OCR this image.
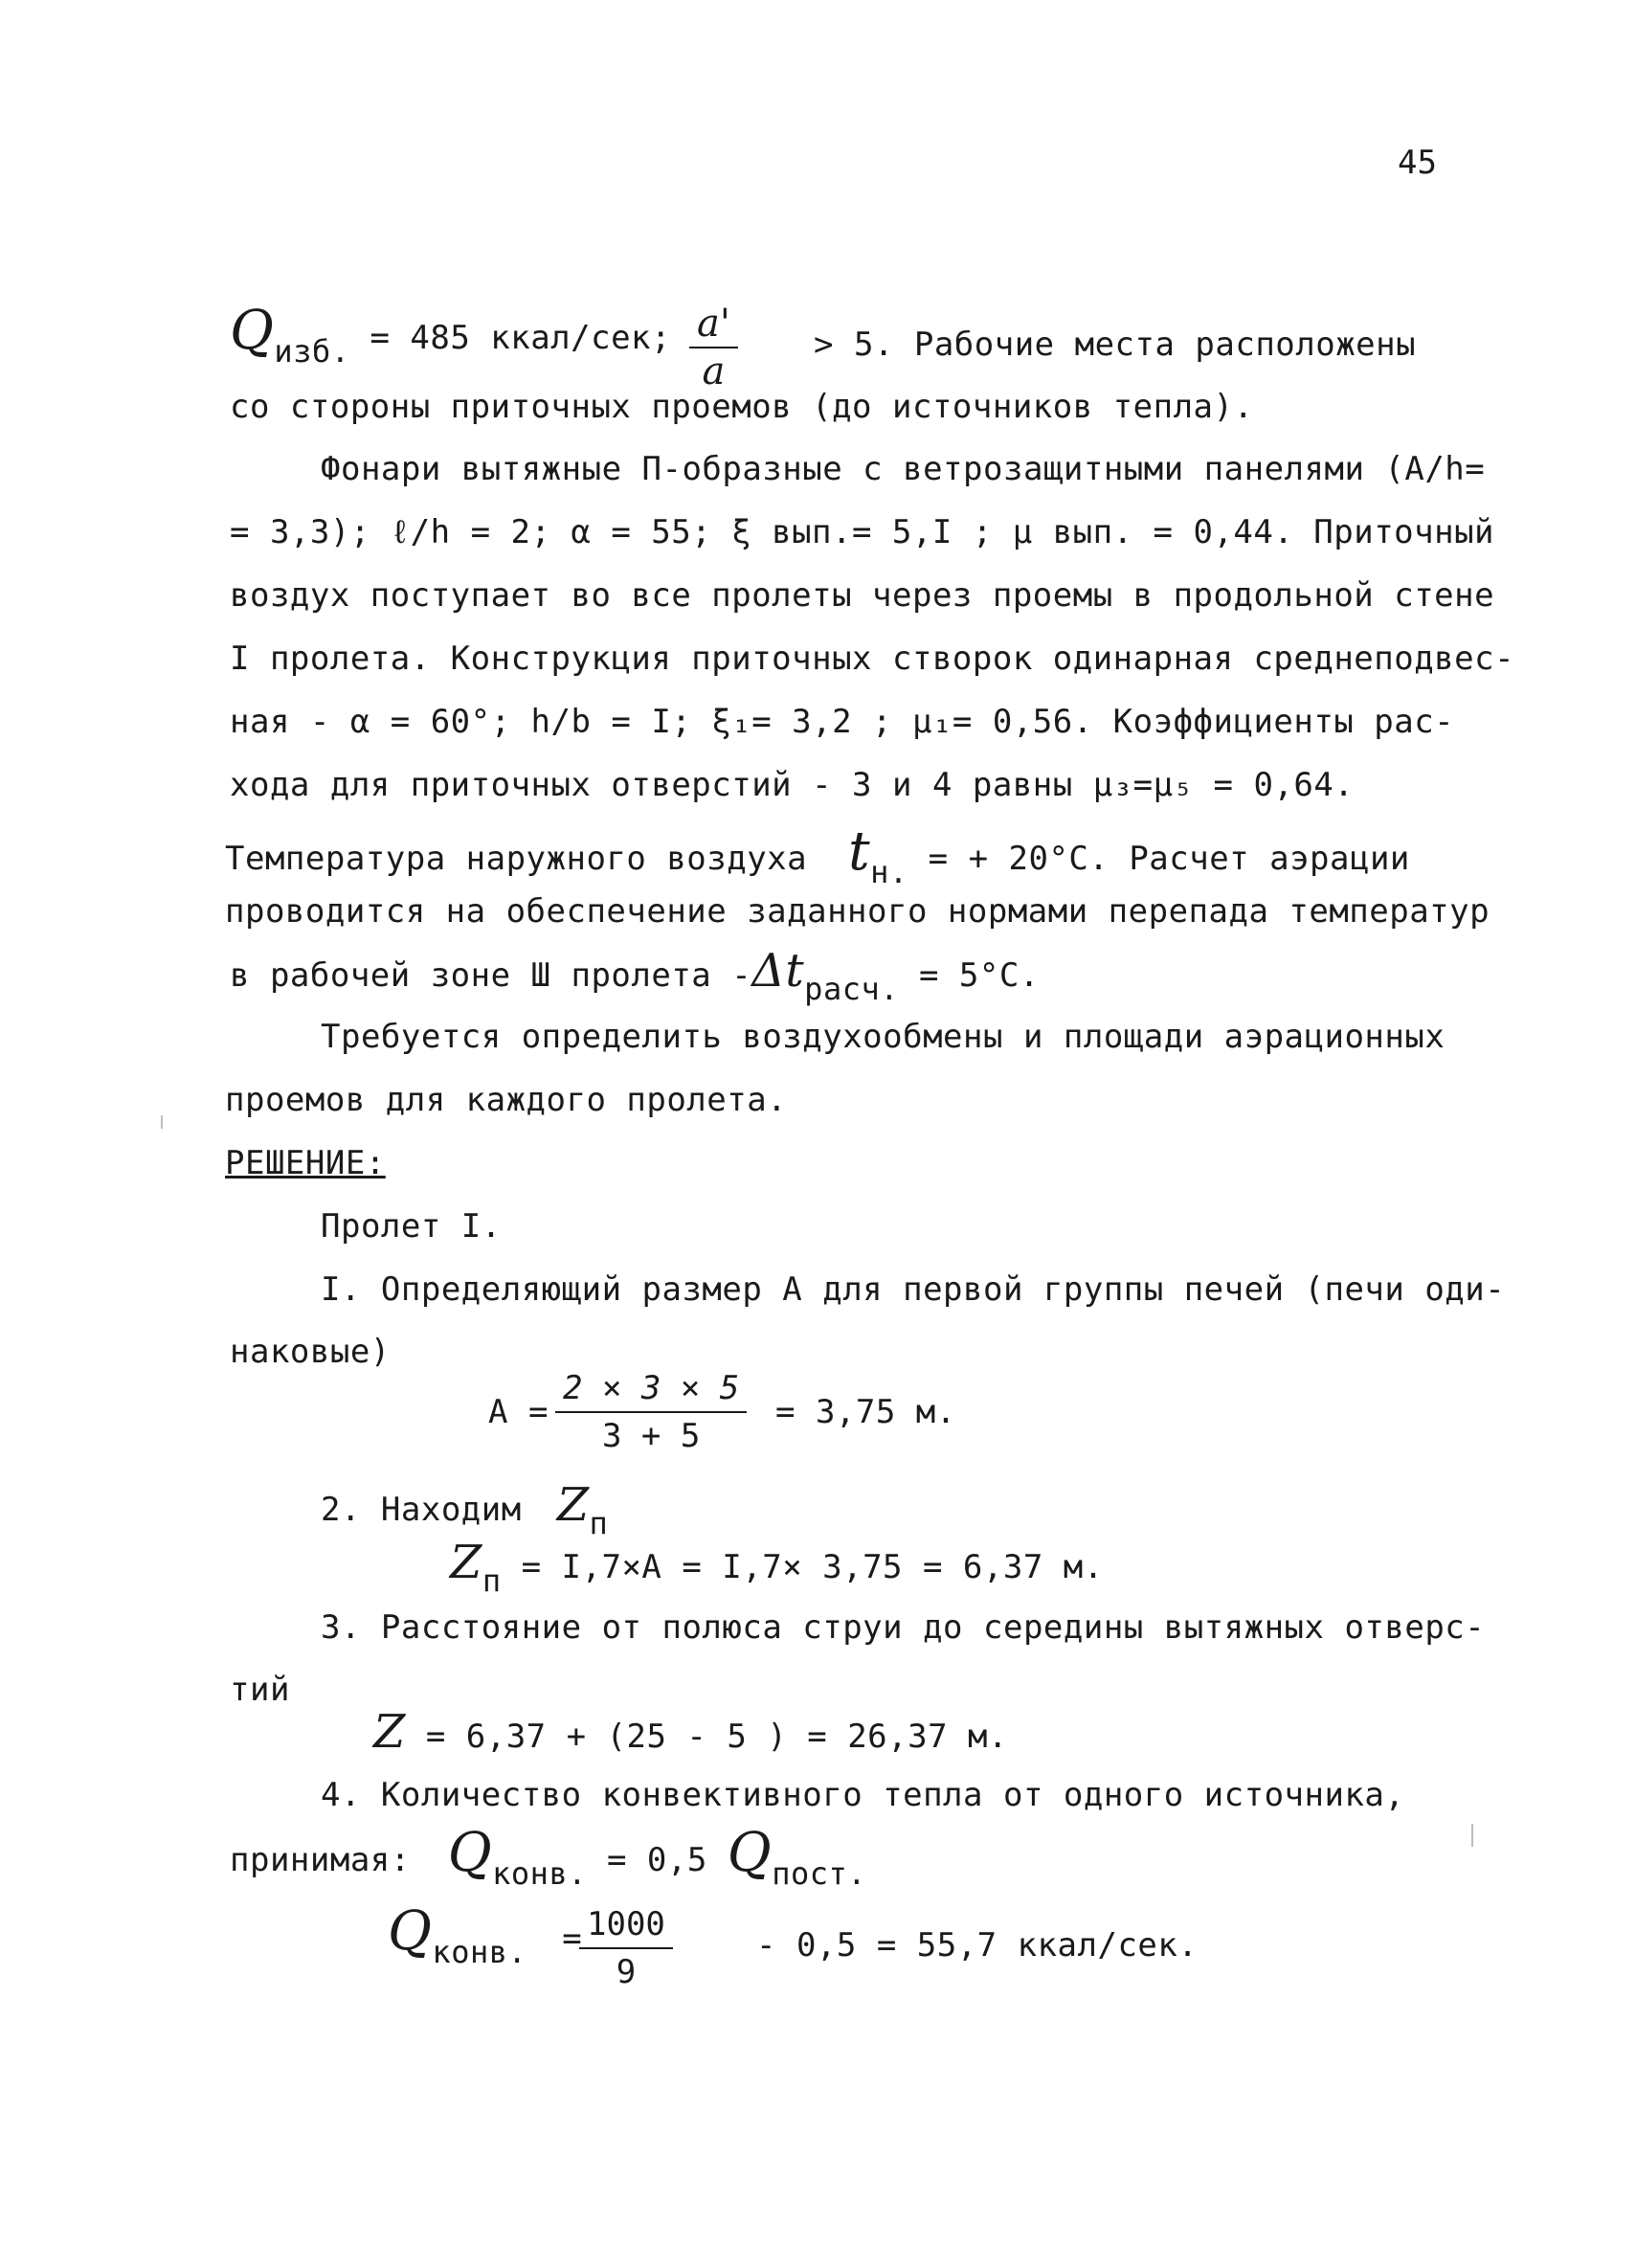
45
Qизб. = 485 ккал/сек; $\frac{a'}{a} > 5$. Рабочие места расположены
со стороны приточных проемов (до источников тепла).
Фонари вытяжные П-образные с ветрозащитными панелями (A/h=
= 3,3); ℓ/h = 2; α = 55; ξ вып.= 5,I ; μ вып. = 0,44. Приточный
воздух поступает во все пролеты через проемы в продольной стене
I пролета. Конструкция приточных створок одинарная среднеподвес-
ная - α = 60°; h/b = I; ξ₁= 3,2 ; μ₁= 0,56. Коэффициенты рас-
хода для приточных отверстий - 3 и 4 равны μ₃=μ₅ = 0,64.
Температура наружного воздуха tн. = + 20°С. Расчет аэрации
проводится на обеспечение заданного нормами перепада температур
в рабочей зоне Ш пролета -Δtрасч. = 5°С.
Требуется определить воздухообмены и площади аэрационных
проемов для каждого пролета.
РЕШЕНИЕ:
Пролет I.
I. Определяющий размер A для первой группы печей (печи оди-
наковые)
$A = \frac{2 \times 3 \times 5}{3 + 5} = 3,75$ м.
2. Находим Zп
Zп = I,7×A = I,7× 3,75 = 6,37 м.
3. Расстояние от полюса струи до середины вытяжных отверс-
тий
Z = 6,37 + (25 - 5 ) = 26,37 м.
4. Количество конвективного тепла от одного источника,
принимая: Qконв. = 0,5 Qпост.
Qконв. =
$\frac{1000}{9}$	- 0,5 = 55,7 ккал/сек.
